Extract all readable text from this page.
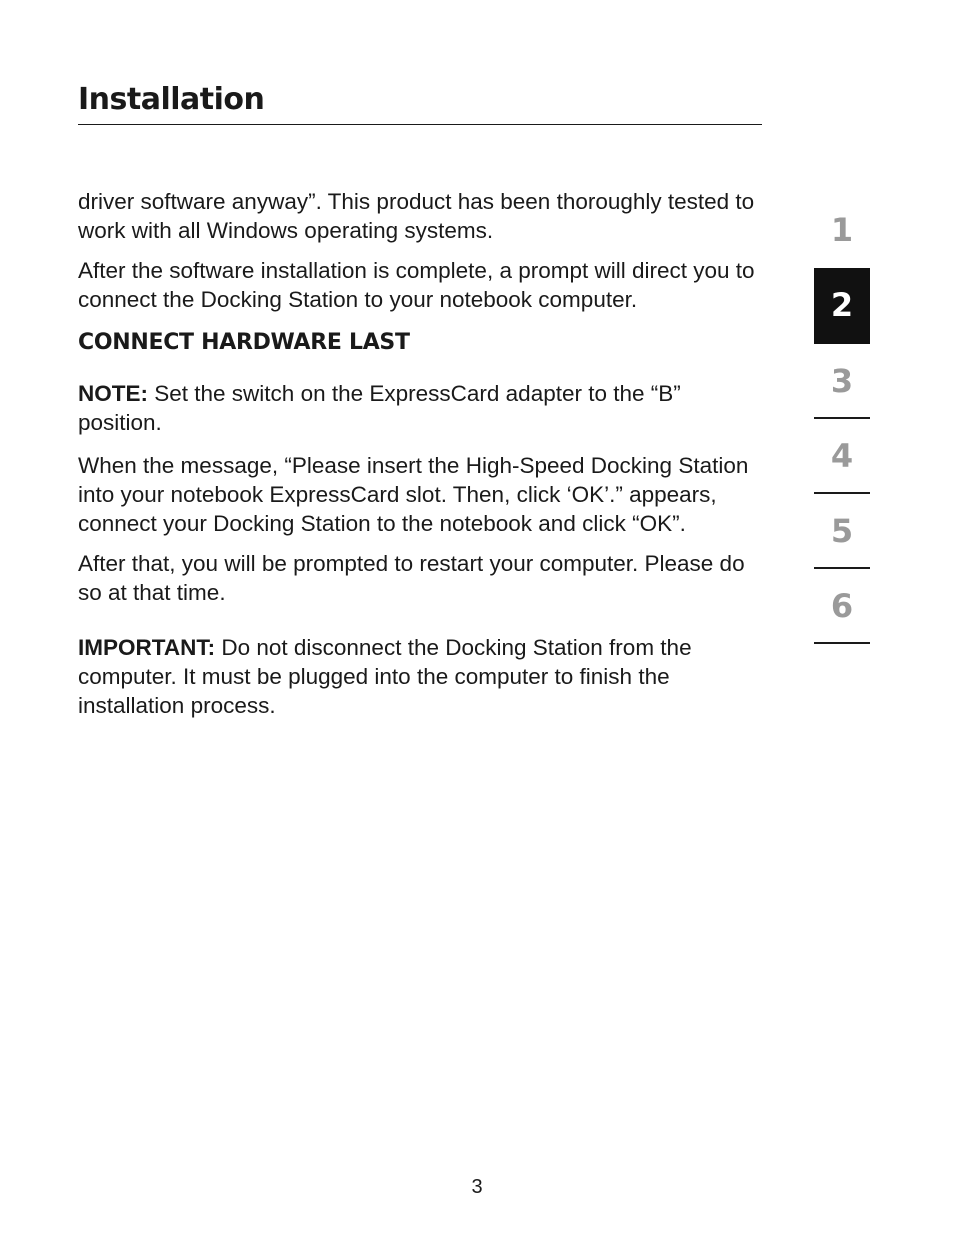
Installation

driver software anyway”. This product has been thoroughly tested to work with all Windows operating systems.

After the software installation is complete, a prompt will direct you to connect the Docking Station to your notebook computer.

CONNECT HARDWARE LAST

NOTE: Set the switch on the ExpressCard adapter to the “B” position.

When the message, “Please insert the High-Speed Docking Station into your notebook ExpressCard slot. Then, click ‘OK’.” appears, connect your Docking Station to the notebook and click “OK”.

After that, you will be prompted to restart your computer. Please do so at that time.

IMPORTANT: Do not disconnect the Docking Station from the computer. It must be plugged into the computer to finish the installation process.

1
2
3
4
5
6
3
